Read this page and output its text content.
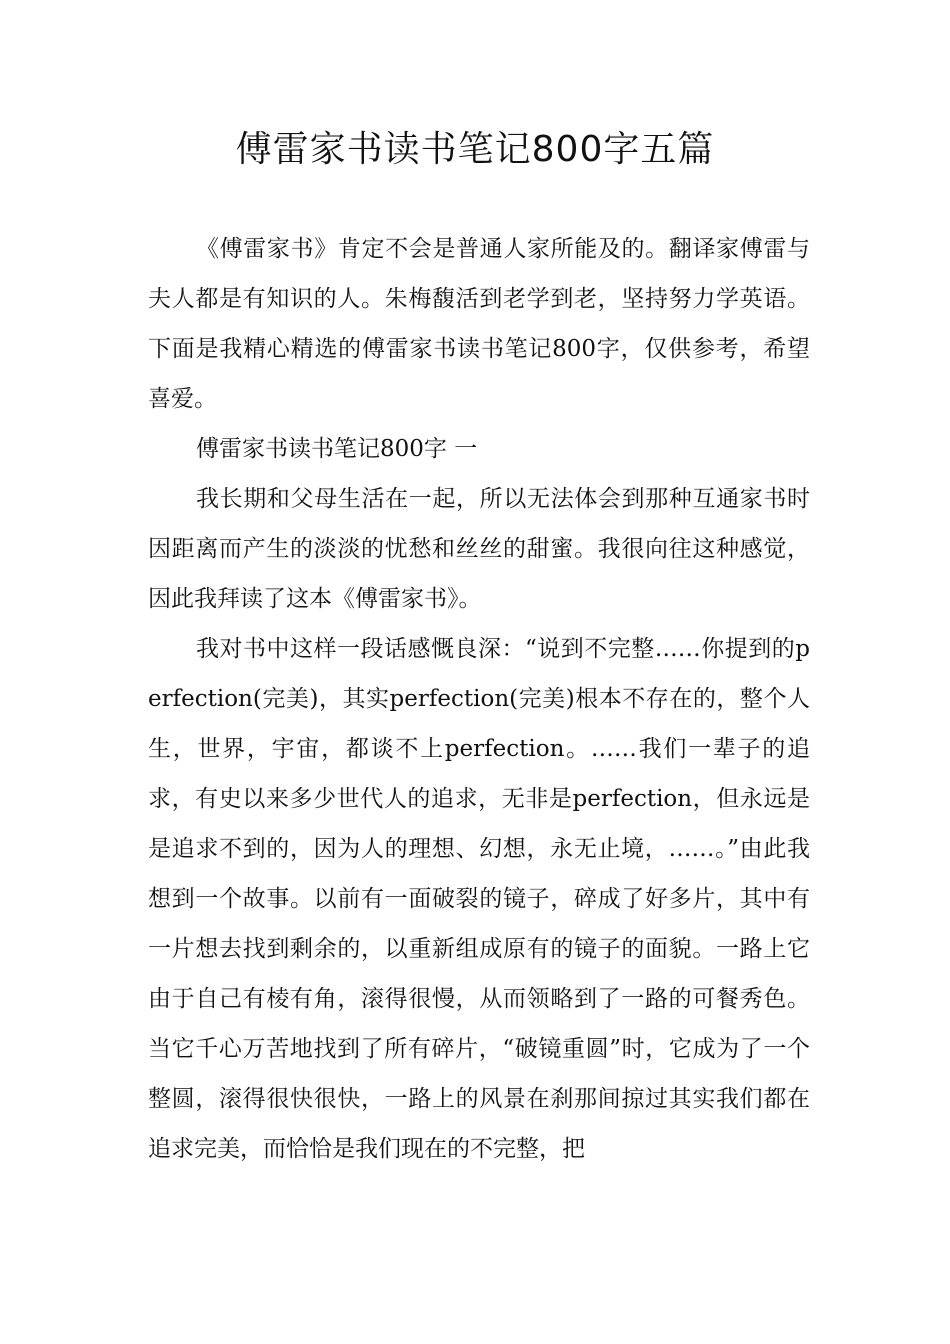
傅雷家书读书笔记800字五篇

《傅雷家书》肯定不会是普通人家所能及的。翻译家傅雷与夫人都是有知识的人。朱梅馥活到老学到老，坚持努力学英语。下面是我精心精选的傅雷家书读书笔记800字，仅供参考，希望喜爱。

傅雷家书读书笔记800字 一

我长期和父母生活在一起，所以无法体会到那种互通家书时因距离而产生的淡淡的忧愁和丝丝的甜蜜。我很向往这种感觉，因此我拜读了这本《傅雷家书》。

我对书中这样一段话感慨良深：“说到不完整……你提到的perfection(完美)，其实perfection(完美)根本不存在的，整个人生，世界，宇宙，都谈不上perfection。……我们一辈子的追求，有史以来多少世代人的追求，无非是perfection，但永远是是追求不到的，因为人的理想、幻想，永无止境，……。”由此我想到一个故事。以前有一面破裂的镜子，碎成了好多片，其中有一片想去找到剩余的，以重新组成原有的镜子的面貌。一路上它由于自己有棱有角，滚得很慢，从而领略到了一路的可餐秀色。当它千心万苦地找到了所有碎片，“破镜重圆”时，它成为了一个整圆，滚得很快很快，一路上的风景在刹那间掠过其实我们都在追求完美，而恰恰是我们现在的不完整，把
